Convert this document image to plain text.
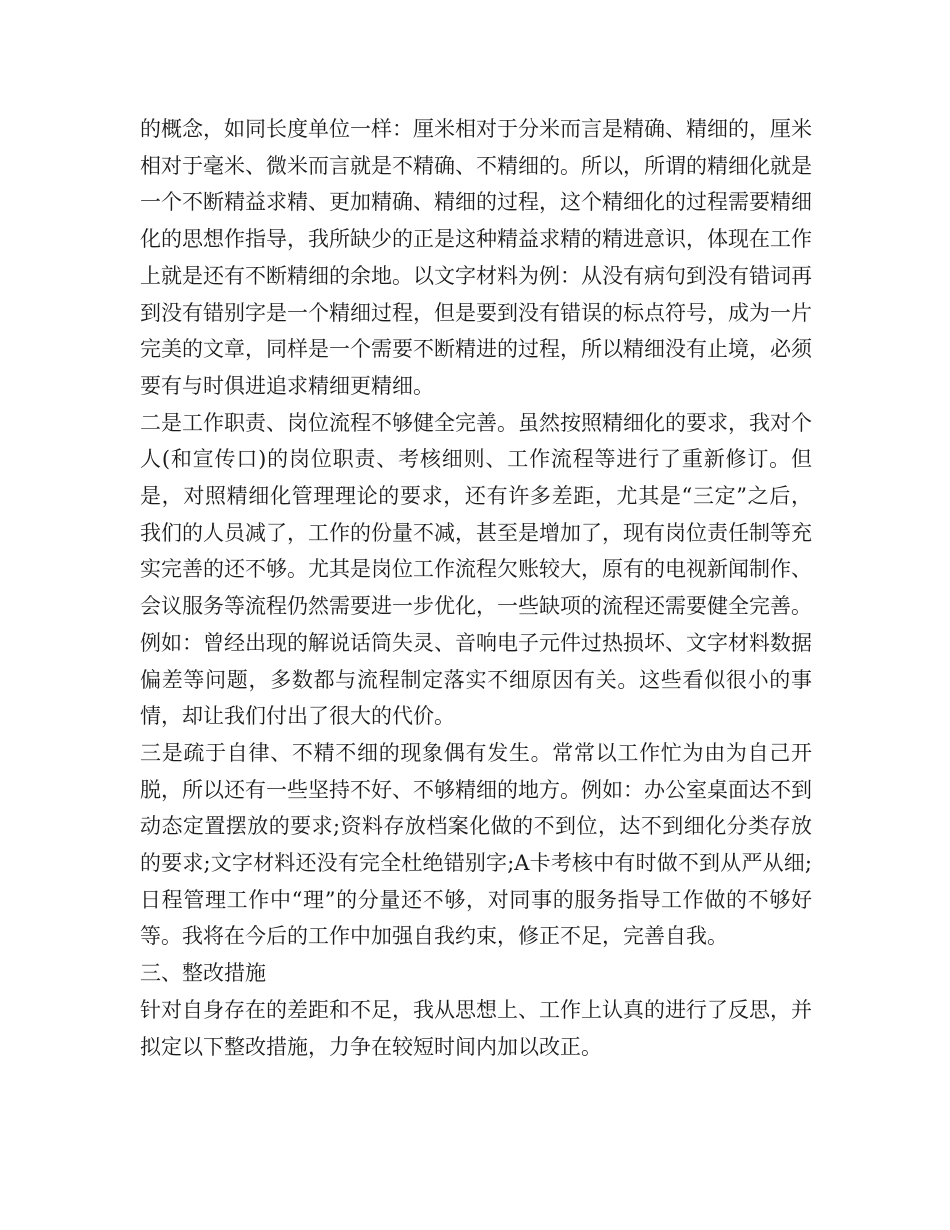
的概念，如同长度单位一样：厘米相对于分米而言是精确、精细的，厘米相对于毫米、微米而言就是不精确、不精细的。所以，所谓的精细化就是一个不断精益求精、更加精确、精细的过程，这个精细化的过程需要精细化的思想作指导，我所缺少的正是这种精益求精的精进意识，体现在工作上就是还有不断精细的余地。以文字材料为例：从没有病句到没有错词再到没有错别字是一个精细过程，但是要到没有错误的标点符号，成为一片完美的文章，同样是一个需要不断精进的过程，所以精细没有止境，必须要有与时俱进追求精细更精细。

二是工作职责、岗位流程不够健全完善。虽然按照精细化的要求，我对个人(和宣传口)的岗位职责、考核细则、工作流程等进行了重新修订。但是，对照精细化管理理论的要求，还有许多差距，尤其是“三定”之后，我们的人员减了，工作的份量不减，甚至是增加了，现有岗位责任制等充实完善的还不够。尤其是岗位工作流程欠账较大，原有的电视新闻制作、会议服务等流程仍然需要进一步优化，一些缺项的流程还需要健全完善。例如：曾经出现的解说话筒失灵、音响电子元件过热损坏、文字材料数据偏差等问题，多数都与流程制定落实不细原因有关。这些看似很小的事情，却让我们付出了很大的代价。

三是疏于自律、不精不细的现象偶有发生。常常以工作忙为由为自己开脱，所以还有一些坚持不好、不够精细的地方。例如：办公室桌面达不到动态定置摆放的要求;资料存放档案化做的不到位，达不到细化分类存放的要求;文字材料还没有完全杜绝错别字;A卡考核中有时做不到从严从细;日程管理工作中“理”的分量还不够，对同事的服务指导工作做的不够好等。我将在今后的工作中加强自我约束，修正不足，完善自我。

三、整改措施

针对自身存在的差距和不足，我从思想上、工作上认真的进行了反思，并拟定以下整改措施，力争在较短时间内加以改正。
